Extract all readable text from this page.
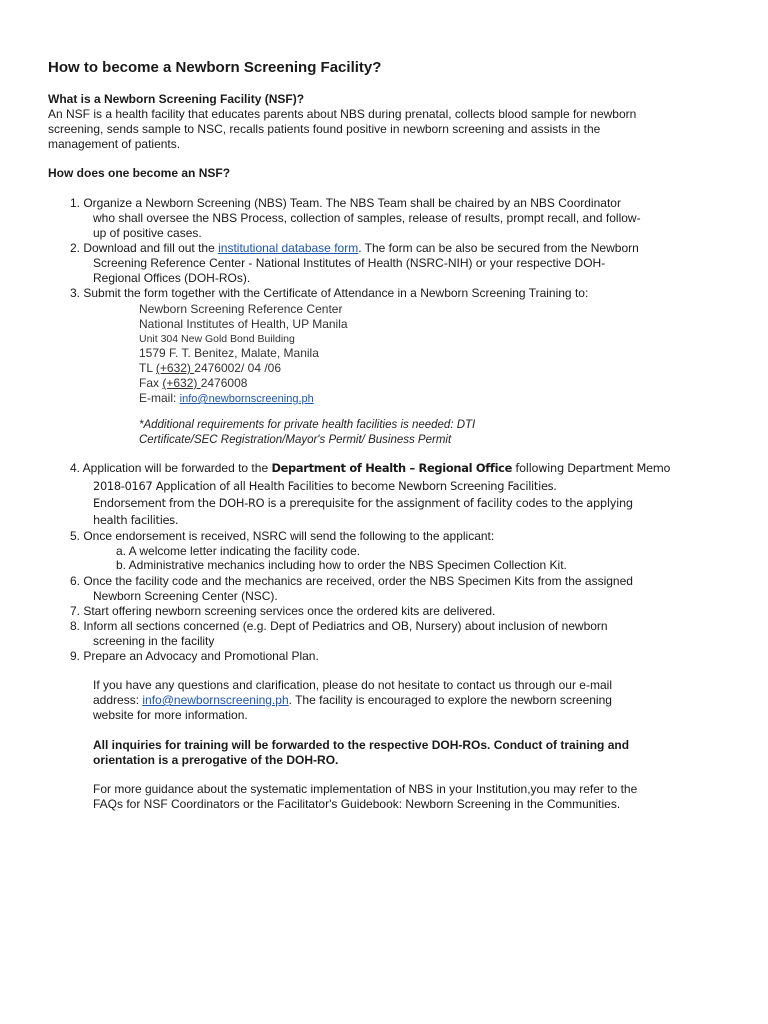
How to become a Newborn Screening Facility?
What is a Newborn Screening Facility (NSF)?
An NSF is a health facility that educates parents about NBS during prenatal, collects blood sample for newborn
screening, sends sample to NSC, recalls patients found positive in newborn screening and assists in the
management of patients.
How does one become an NSF?
1. Organize a Newborn Screening (NBS) Team. The NBS Team shall be chaired by an NBS Coordinator
who shall oversee the NBS Process, collection of samples, release of results, prompt recall, and follow-
up of positive cases.
2. Download and fill out the institutional database form. The form can be also be secured from the Newborn
Screening Reference Center - National Institutes of Health (NSRC-NIH) or your respective DOH-
Regional Offices (DOH-ROs).
3. Submit the form together with the Certificate of Attendance in a Newborn Screening Training to:
Newborn Screening Reference Center
National Institutes of Health, UP Manila
Unit 304 New Gold Bond Building
1579 F. T. Benitez, Malate, Manila
TL (+632) 2476002/ 04 /06
Fax (+632) 2476008
E-mail: info@newbornscreening.ph
*Additional requirements for private health facilities is needed: DTI
Certificate/SEC Registration/Mayor's Permit/ Business Permit
4. Application will be forwarded to the Department of Health – Regional Office following Department Memo
2018-0167 Application of all Health Facilities to become Newborn Screening Facilities.
Endorsement from the DOH-RO is a prerequisite for the assignment of facility codes to the applying
health facilities.
5. Once endorsement is received, NSRC will send the following to the applicant:
a. A welcome letter indicating the facility code.
b. Administrative mechanics including how to order the NBS Specimen Collection Kit.
6. Once the facility code and the mechanics are received, order the NBS Specimen Kits from the assigned
Newborn Screening Center (NSC).
7. Start offering newborn screening services once the ordered kits are delivered.
8. Inform all sections concerned (e.g. Dept of Pediatrics and OB, Nursery) about inclusion of newborn
screening in the facility
9. Prepare an Advocacy and Promotional Plan.
If you have any questions and clarification, please do not hesitate to contact us through our e-mail
address: info@newbornscreening.ph. The facility is encouraged to explore the newborn screening
website for more information.
All inquiries for training will be forwarded to the respective DOH-ROs. Conduct of training and
orientation is a prerogative of the DOH-RO.
For more guidance about the systematic implementation of NBS in your Institution,you may refer to the
FAQs for NSF Coordinators or the Facilitator's Guidebook: Newborn Screening in the Communities.
